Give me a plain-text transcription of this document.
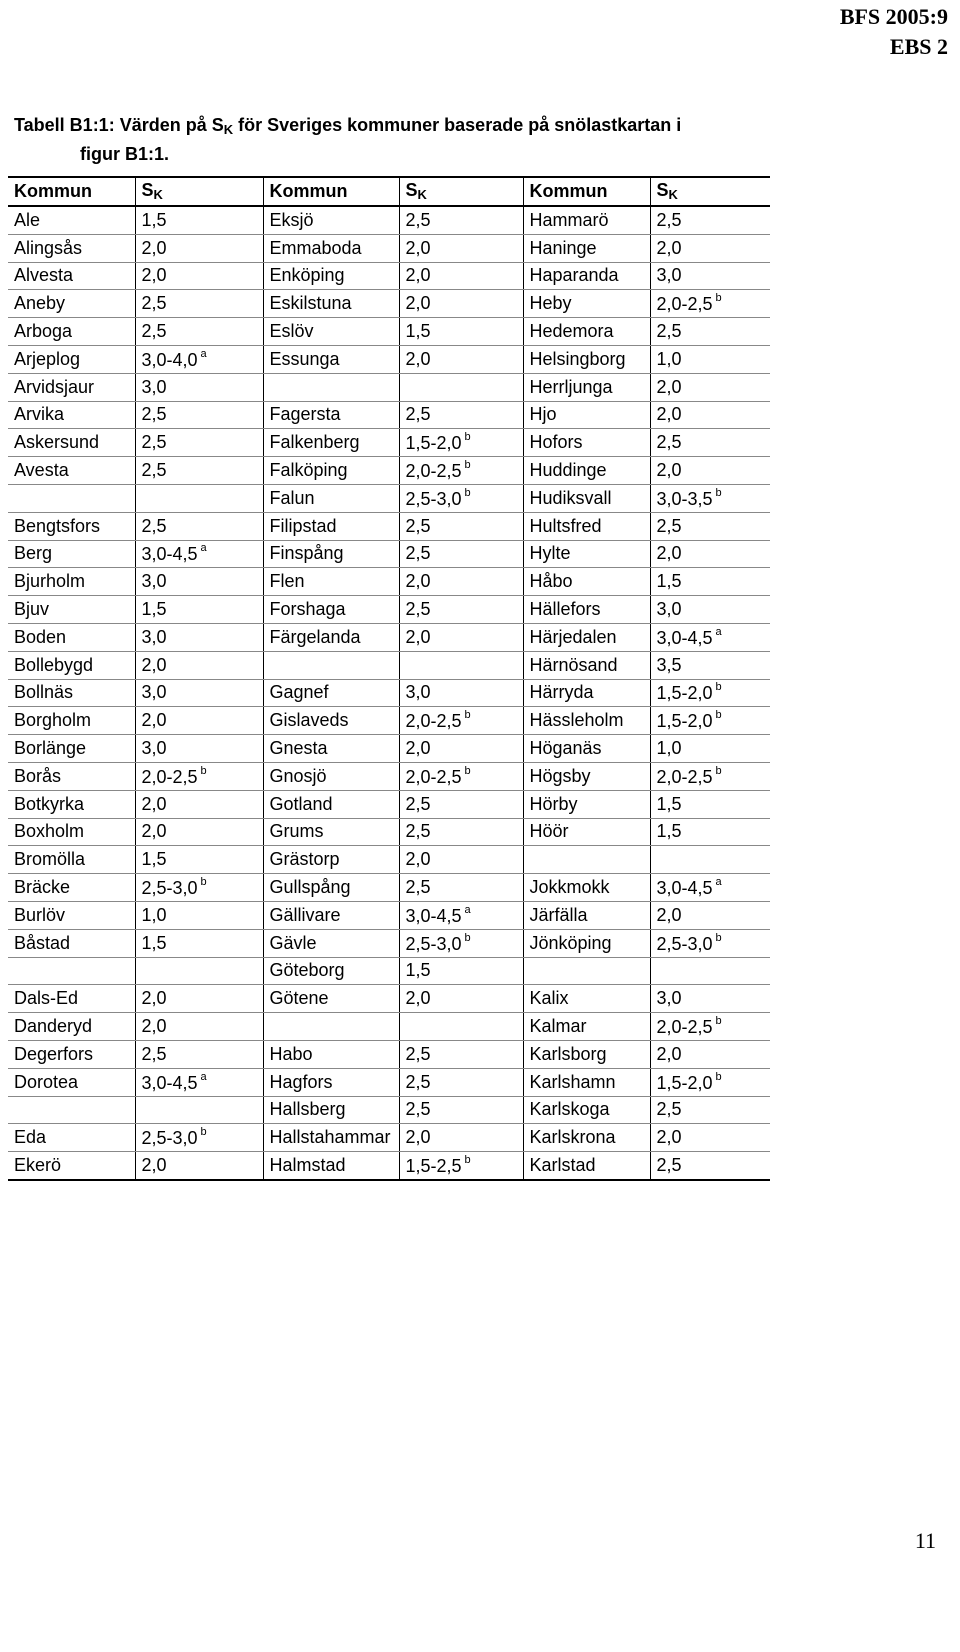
BFS 2005:9
EBS 2
Tabell B1:1: Värden på $S_K$ för Sveriges kommuner baserade på snölastkartan i
figur B1:1.
Kommun	$S_K$	Kommun	$S_K$	Kommun	$S_K$
Ale	1,5	Eksjö	2,5	Hammarö	2,5
Alingsås	2,0	Emmaboda	2,0	Haninge	2,0
Alvesta	2,0	Enköping	2,0	Haparanda	3,0
Aneby	2,5	Eskilstuna	2,0	Heby	2,0-2,5 $^b$
Arboga	2,5	Eslöv	1,5	Hedemora	2,5
Arjeplog	3,0-4,0 $^a$	Essunga	2,0	Helsingborg	1,0
Arvidsjaur	3,0			Herrljunga	2,0
Arvika	2,5	Fagersta	2,5	Hjo	2,0
Askersund	2,5	Falkenberg	1,5-2,0 $^b$	Hofors	2,5
Avesta	2,5	Falköping	2,0-2,5 $^b$	Huddinge	2,0
		Falun	2,5-3,0 $^b$	Hudiksvall	3,0-3,5 $^b$
Bengtsfors	2,5	Filipstad	2,5	Hultsfred	2,5
Berg	3,0-4,5 $^a$	Finspång	2,5	Hylte	2,0
Bjurholm	3,0	Flen	2,0	Håbo	1,5
Bjuv	1,5	Forshaga	2,5	Hällefors	3,0
Boden	3,0	Färgelanda	2,0	Härjedalen	3,0-4,5 $^a$
Bollebygd	2,0			Härnösand	3,5
Bollnäs	3,0	Gagnef	3,0	Härryda	1,5-2,0 $^b$
Borgholm	2,0	Gislaveds	2,0-2,5 $^b$	Hässleholm	1,5-2,0 $^b$
Borlänge	3,0	Gnesta	2,0	Höganäs	1,0
Borås	2,0-2,5 $^b$	Gnosjö	2,0-2,5 $^b$	Högsby	2,0-2,5 $^b$
Botkyrka	2,0	Gotland	2,5	Hörby	1,5
Boxholm	2,0	Grums	2,5	Höör	1,5
Bromölla	1,5	Grästorp	2,0		
Bräcke	2,5-3,0 $^b$	Gullspång	2,5	Jokkmokk	3,0-4,5 $^a$
Burlöv	1,0	Gällivare	3,0-4,5 $^a$	Järfälla	2,0
Båstad	1,5	Gävle	2,5-3,0 $^b$	Jönköping	2,5-3,0 $^b$
		Göteborg	1,5		
Dals-Ed	2,0	Götene	2,0	Kalix	3,0
Danderyd	2,0			Kalmar	2,0-2,5 $^b$
Degerfors	2,5	Habo	2,5	Karlsborg	2,0
Dorotea	3,0-4,5 $^a$	Hagfors	2,5	Karlshamn	1,5-2,0 $^b$
		Hallsberg	2,5	Karlskoga	2,5
Eda	2,5-3,0 $^b$	Hallstahammar	2,0	Karlskrona	2,0
Ekerö	2,0	Halmstad	1,5-2,5 $^b$	Karlstad	2,5
11
